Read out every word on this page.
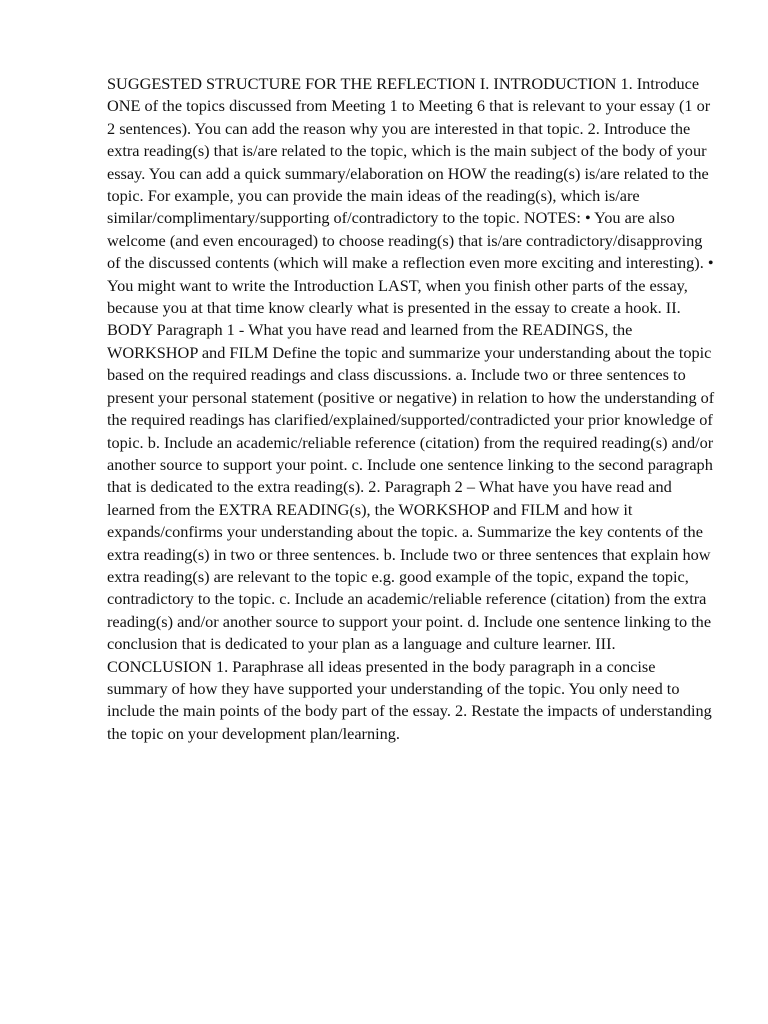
SUGGESTED STRUCTURE FOR THE REFLECTION I. INTRODUCTION 1. Introduce ONE of the topics discussed from Meeting 1 to Meeting 6 that is relevant to your essay (1 or 2 sentences). You can add the reason why you are interested in that topic. 2. Introduce the extra reading(s) that is/are related to the topic, which is the main subject of the body of your essay. You can add a quick summary/elaboration on HOW the reading(s) is/are related to the topic. For example, you can provide the main ideas of the reading(s), which is/are similar/complimentary/supporting of/contradictory to the topic. NOTES: • You are also welcome (and even encouraged) to choose reading(s) that is/are contradictory/disapproving of the discussed contents (which will make a reflection even more exciting and interesting). • You might want to write the Introduction LAST, when you finish other parts of the essay, because you at that time know clearly what is presented in the essay to create a hook. II. BODY Paragraph 1 - What you have read and learned from the READINGS, the WORKSHOP and FILM Define the topic and summarize your understanding about the topic based on the required readings and class discussions. a. Include two or three sentences to present your personal statement (positive or negative) in relation to how the understanding of the required readings has clarified/explained/supported/contradicted your prior knowledge of topic. b. Include an academic/reliable reference (citation) from the required reading(s) and/or another source to support your point. c. Include one sentence linking to the second paragraph that is dedicated to the extra reading(s). 2. Paragraph 2 – What have you have read and learned from the EXTRA READING(s), the WORKSHOP and FILM and how it expands/confirms your understanding about the topic. a. Summarize the key contents of the extra reading(s) in two or three sentences. b. Include two or three sentences that explain how extra reading(s) are relevant to the topic e.g. good example of the topic, expand the topic, contradictory to the topic. c. Include an academic/reliable reference (citation) from the extra reading(s) and/or another source to support your point. d. Include one sentence linking to the conclusion that is dedicated to your plan as a language and culture learner. III. CONCLUSION 1. Paraphrase all ideas presented in the body paragraph in a concise summary of how they have supported your understanding of the topic. You only need to include the main points of the body part of the essay. 2. Restate the impacts of understanding the topic on your development plan/learning.
